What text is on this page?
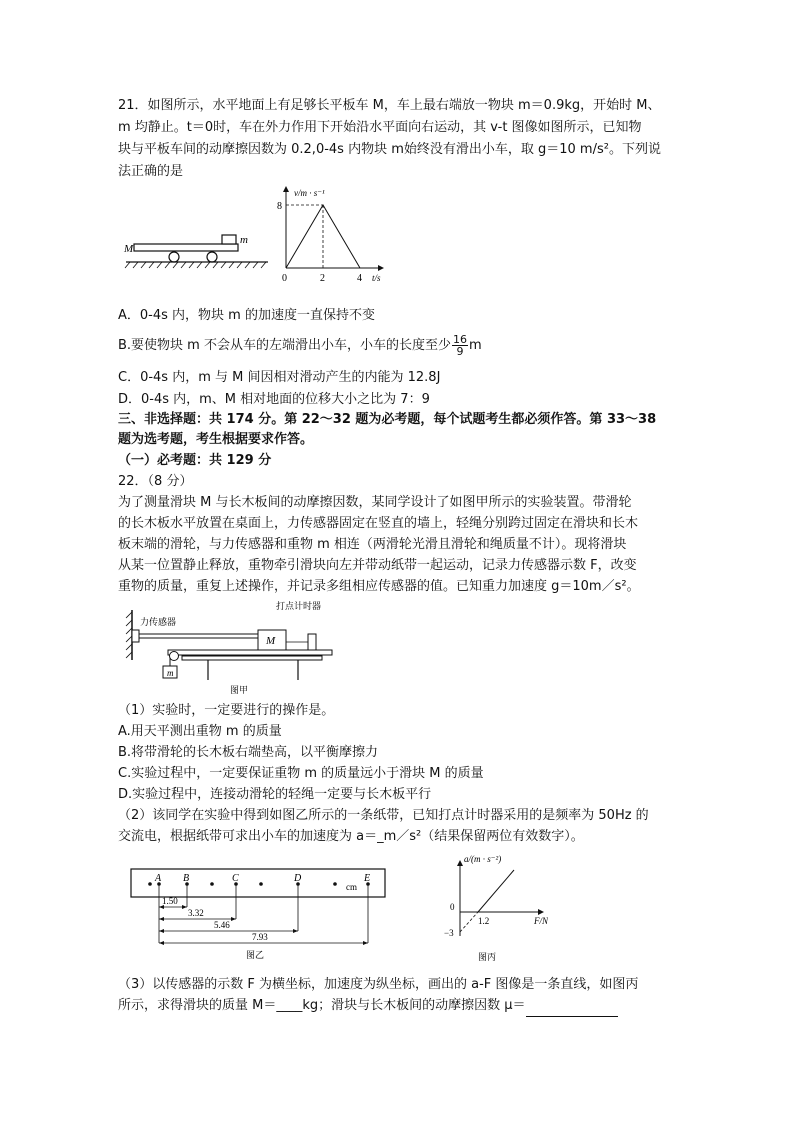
21．如图所示，水平地面上有足够长平板车 M，车上最右端放一物块 m＝0.9kg，开始时 M、
m 均静止。t＝0时，车在外力作用下开始沿水平面向右运动，其 v-t 图像如图所示，已知物
块与平板车间的动摩擦因数为 0.2,0-4s 内物块 m始终没有滑出小车，取 g＝10 m/s²。下列说
法正确的是
M
m
v/m · s⁻¹
8
0	2	4 t/s
A．0-4s 内，物块 m 的加速度一直保持不变
B.要使物块 m 不会从车的左端滑出小车，小车的长度至少 $\frac{16}{9}$ m
C．0-4s 内，m 与 M 间因相对滑动产生的内能为 12.8J
D．0-4s 内，m、M 相对地面的位移大小之比为 7：9
三、非选择题：共 174 分。第 22～32 题为必考题，每个试题考生都必须作答。第 33～38
题为选考题，考生根据要求作答。
（一）必考题：共 129 分
22．（8 分）
为了测量滑块 M 与长木板间的动摩擦因数，某同学设计了如图甲所示的实验装置。带滑轮
的长木板水平放置在桌面上，力传感器固定在竖直的墙上，轻绳分别跨过固定在滑块和长木
板末端的滑轮，与力传感器和重物 m 相连（两滑轮光滑且滑轮和绳质量不计）。现将滑块
从某一位置静止释放，重物牵引滑块向左并带动纸带一起运动，记录力传感器示数 F，改变
重物的质量，重复上述操作，并记录多组相应传感器的值。已知重力加速度 g＝10m／s²。
M
m
力传感器
打点计时器
图甲
（1）实验时，一定要进行的操作是。
A.用天平测出重物 m 的质量
B.将带滑轮的长木板右端垫高，以平衡摩擦力
C.实验过程中，一定要保证重物 m 的质量远小于滑块 M 的质量
D.实验过程中，连接动滑轮的轻绳一定要与长木板平行
（2）该同学在实验中得到如图乙所示的一条纸带，已知打点计时器采用的是频率为 50Hz 的
交流电，根据纸带可求出小车的加速度为 a＝_m／s²（结果保留两位有效数字）。
A B	C	D	E
cm
1.50
3.32
5.46
7.93
图乙
a/(m · s⁻²)
F/N
0
1.2
−3
图丙
（3）以传感器的示数 F 为横坐标，加速度为纵坐标，画出的 a-F 图像是一条直线，如图丙
所示，求得滑块的质量 M＝____kg；滑块与长木板间的动摩擦因数 μ＝
